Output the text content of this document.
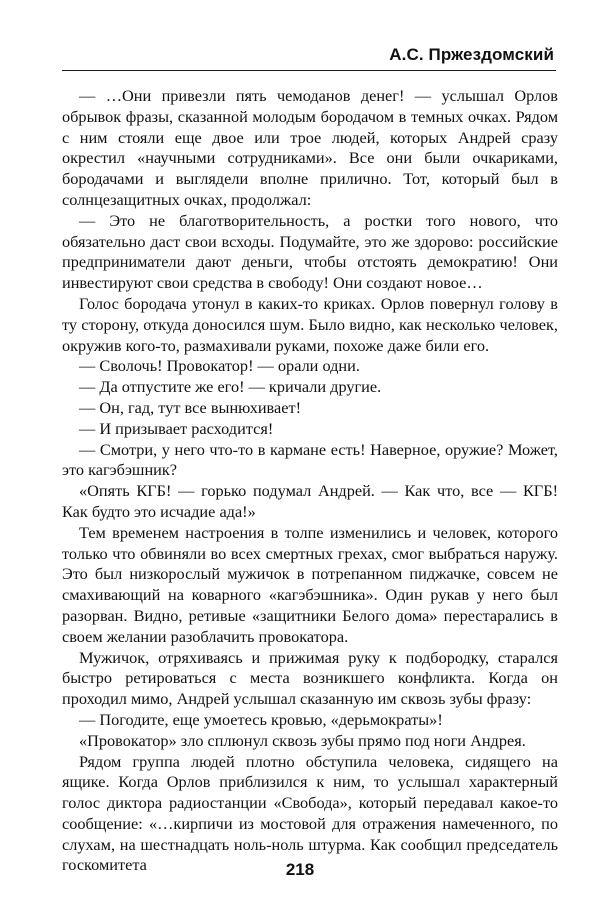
А.С. Пржездомский

— …Они привезли пять чемоданов денег! — услышал Орлов обрывок фразы, сказанной молодым бородачом в темных очках. Рядом с ним стояли еще двое или трое людей, которых Андрей сразу окрестил «научными сотрудниками». Все они были очкариками, бородачами и выглядели вполне прилично. Тот, который был в солнцезащитных очках, продолжал:

— Это не благотворительность, а ростки того нового, что обязательно даст свои всходы. Подумайте, это же здорово: российские предприниматели дают деньги, чтобы отстоять демократию! Они инвестируют свои средства в свободу! Они создают новое…

Голос бородача утонул в каких-то криках. Орлов повернул голову в ту сторону, откуда доносился шум. Было видно, как несколько человек, окружив кого-то, размахивали руками, похоже даже били его.

— Сволочь! Провокатор! — орали одни.

— Да отпустите же его! — кричали другие.

— Он, гад, тут все вынюхивает!

— И призывает расходится!

— Смотри, у него что-то в кармане есть! Наверное, оружие? Может, это кагэбэшник?

«Опять КГБ! — горько подумал Андрей. — Как что, все — КГБ! Как будто это исчадие ада!»

Тем временем настроения в толпе изменились и человек, которого только что обвиняли во всех смертных грехах, смог выбраться наружу. Это был низкорослый мужичок в потрепанном пиджачке, совсем не смахивающий на коварного «кагэбэшника». Один рукав у него был разорван. Видно, ретивые «защитники Белого дома» перестарались в своем желании разоблачить провокатора.

Мужичок, отряхиваясь и прижимая руку к подбородку, старался быстро ретироваться с места возникшего конфликта. Когда он проходил мимо, Андрей услышал сказанную им сквозь зубы фразу:

— Погодите, еще умоетесь кровью, «дерьмократы»!

«Провокатор» зло сплюнул сквозь зубы прямо под ноги Андрея.

Рядом группа людей плотно обступила человека, сидящего на ящике. Когда Орлов приблизился к ним, то услышал характерный голос диктора радиостанции «Свобода», который передавал какое-то сообщение: «…кирпичи из мостовой для отражения намеченного, по слухам, на шестнадцать ноль-ноль штурма. Как сообщил председатель госкомитета	218
